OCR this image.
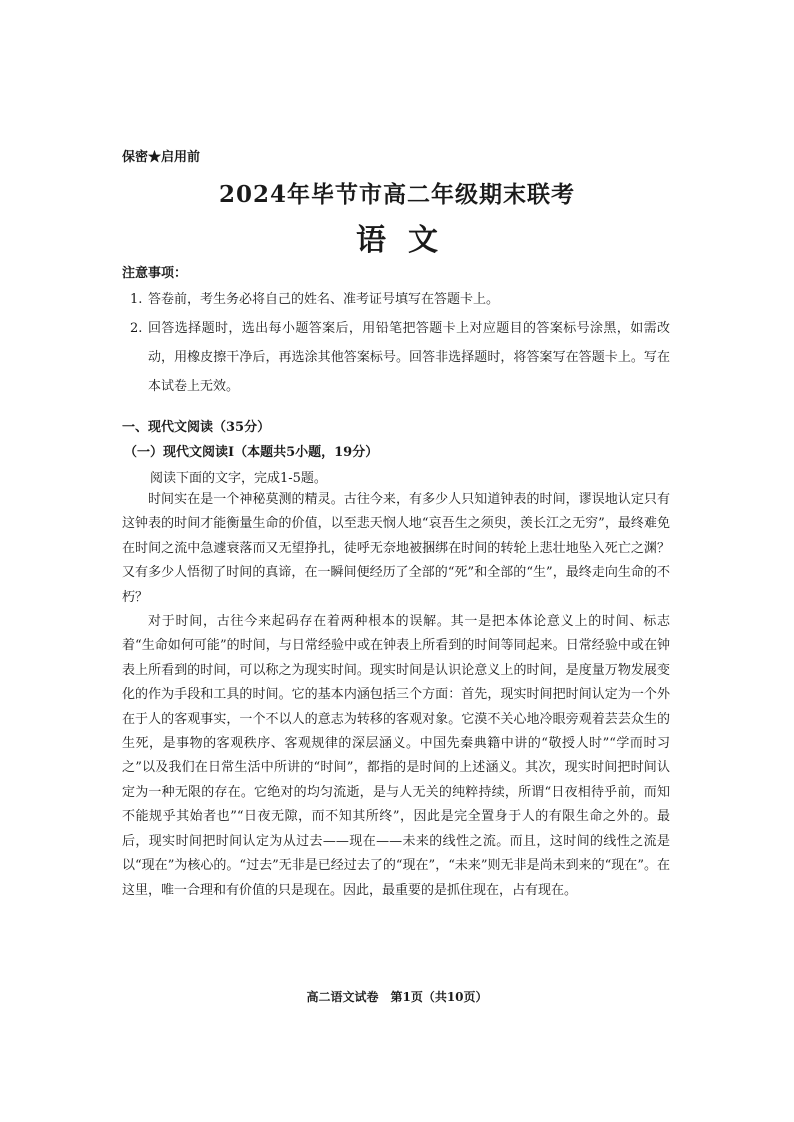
保密★启用前
2024年毕节市高二年级期末联考
语文
注意事项：
1. 答卷前，考生务必将自己的姓名、准考证号填写在答题卡上。
2. 回答选择题时，选出每小题答案后，用铅笔把答题卡上对应题目的答案标号涂黑，如需改动，用橡皮擦干净后，再选涂其他答案标号。回答非选择题时，将答案写在答题卡上。写在本试卷上无效。
一、现代文阅读（35分）
（一）现代文阅读Ⅰ（本题共5小题，19分）
阅读下面的文字，完成1-5题。

时间实在是一个神秘莫测的精灵。古往今来，有多少人只知道钟表的时间，谬误地认定只有这钟表的时间才能衡量生命的价值，以至悲天悯人地“哀吾生之须臾，羡长江之无穷”，最终难免在时间之流中急遽衰落而又无望挣扎，徒呼无奈地被捆绑在时间的转轮上悲壮地坠入死亡之渊？又有多少人悟彻了时间的真谛，在一瞬间便经历了全部的“死”和全部的“生”，最终走向生命的不朽？

对于时间，古往今来起码存在着两种根本的误解。其一是把本体论意义上的时间、标志着“生命如何可能”的时间，与日常经验中或在钟表上所看到的时间等同起来。日常经验中或在钟表上所看到的时间，可以称之为现实时间。现实时间是认识论意义上的时间，是度量万物发展变化的作为手段和工具的时间。它的基本内涵包括三个方面：首先，现实时间把时间认定为一个外在于人的客观事实，一个不以人的意志为转移的客观对象。它漠不关心地冷眼旁观着芸芸众生的生死，是事物的客观秩序、客观规律的深层涵义。中国先秦典籍中讲的“敬授人时”“学而时习之”以及我们在日常生活中所讲的“时间”，都指的是时间的上述涵义。其次，现实时间把时间认定为一种无限的存在。它绝对的均匀流逝，是与人无关的纯粹持续，所谓“日夜相待乎前，而知不能规乎其始者也”“日夜无隙，而不知其所终”，因此是完全置身于人的有限生命之外的。最后，现实时间把时间认定为从过去——现在——未来的线性之流。而且，这时间的线性之流是以“现在”为核心的。“过去”无非是已经过去了的“现在”，“未来”则无非是尚未到来的“现在”。在这里，唯一合理和有价值的只是现在。因此，最重要的是抓住现在，占有现在。

高二语文试卷　第1页（共10页）
